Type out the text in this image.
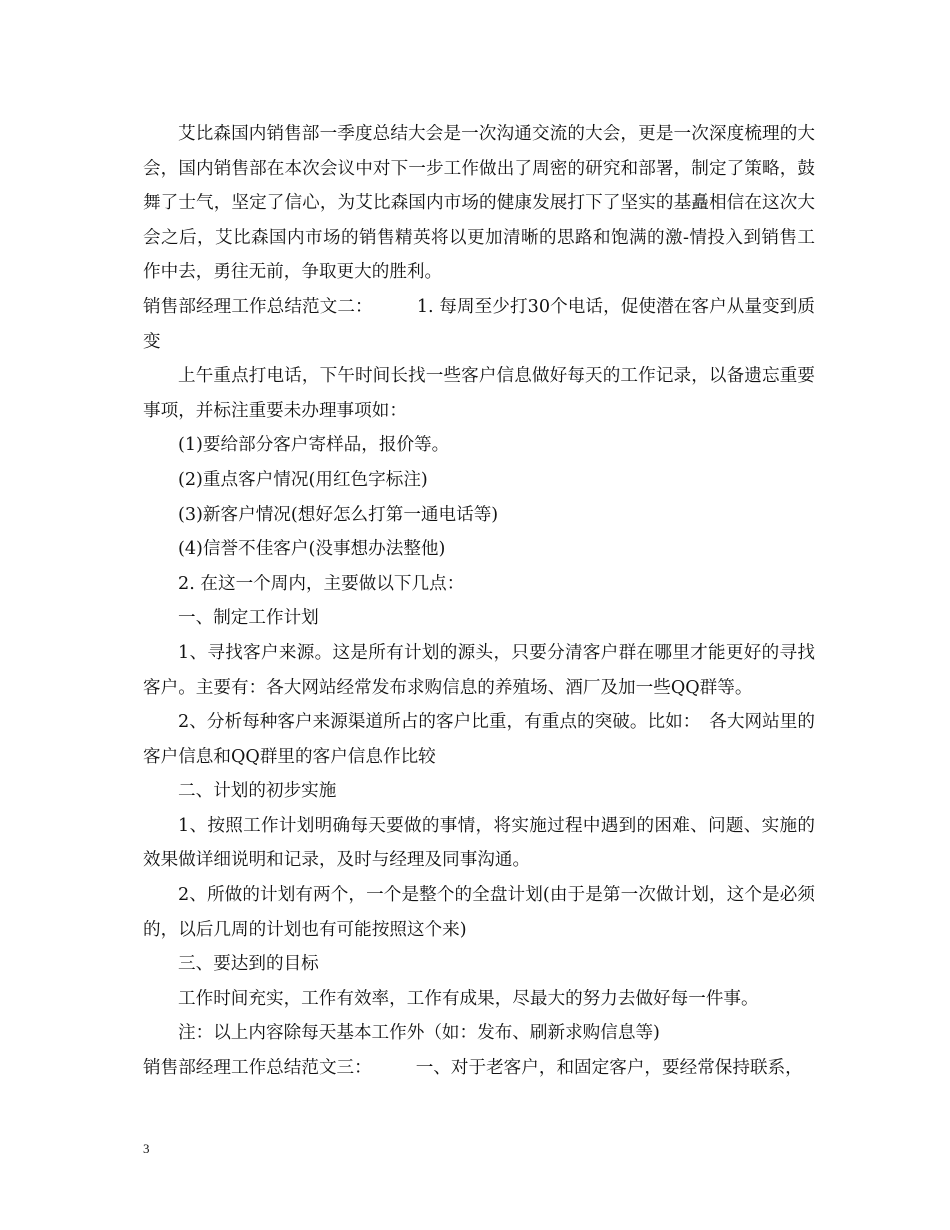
艾比森国内销售部一季度总结大会是一次沟通交流的大会，更是一次深度梳理的大会，国内销售部在本次会议中对下一步工作做出了周密的研究和部署，制定了策略，鼓舞了士气，坚定了信心，为艾比森国内市场的健康发展打下了坚实的基矗相信在这次大会之后，艾比森国内市场的销售精英将以更加清晰的思路和饱满的激-情投入到销售工作中去，勇往无前，争取更大的胜利。

销售部经理工作总结范文二：　　　1. 每周至少打30个电话，促使潜在客户从量变到质变

上午重点打电话，下午时间长找一些客户信息做好每天的工作记录，以备遗忘重要事项，并标注重要未办理事项如：

(1)要给部分客户寄样品，报价等。

(2)重点客户情况(用红色字标注)

(3)新客户情况(想好怎么打第一通电话等)

(4)信誉不佳客户(没事想办法整他)

2. 在这一个周内，主要做以下几点：

一、制定工作计划

1、寻找客户来源。这是所有计划的源头，只要分清客户群在哪里才能更好的寻找客户。主要有：各大网站经常发布求购信息的养殖场、酒厂及加一些QQ群等。

2、分析每种客户来源渠道所占的客户比重，有重点的突破。比如：　各大网站里的客户信息和QQ群里的客户信息作比较

二、计划的初步实施

1、按照工作计划明确每天要做的事情，将实施过程中遇到的困难、问题、实施的效果做详细说明和记录，及时与经理及同事沟通。

2、所做的计划有两个，一个是整个的全盘计划(由于是第一次做计划，这个是必须的，以后几周的计划也有可能按照这个来)

三、要达到的目标

工作时间充实，工作有效率，工作有成果，尽最大的努力去做好每一件事。

注：以上内容除每天基本工作外（如：发布、刷新求购信息等)

销售部经理工作总结范文三：　　　一、对于老客户，和固定客户，要经常保持联系，

3
